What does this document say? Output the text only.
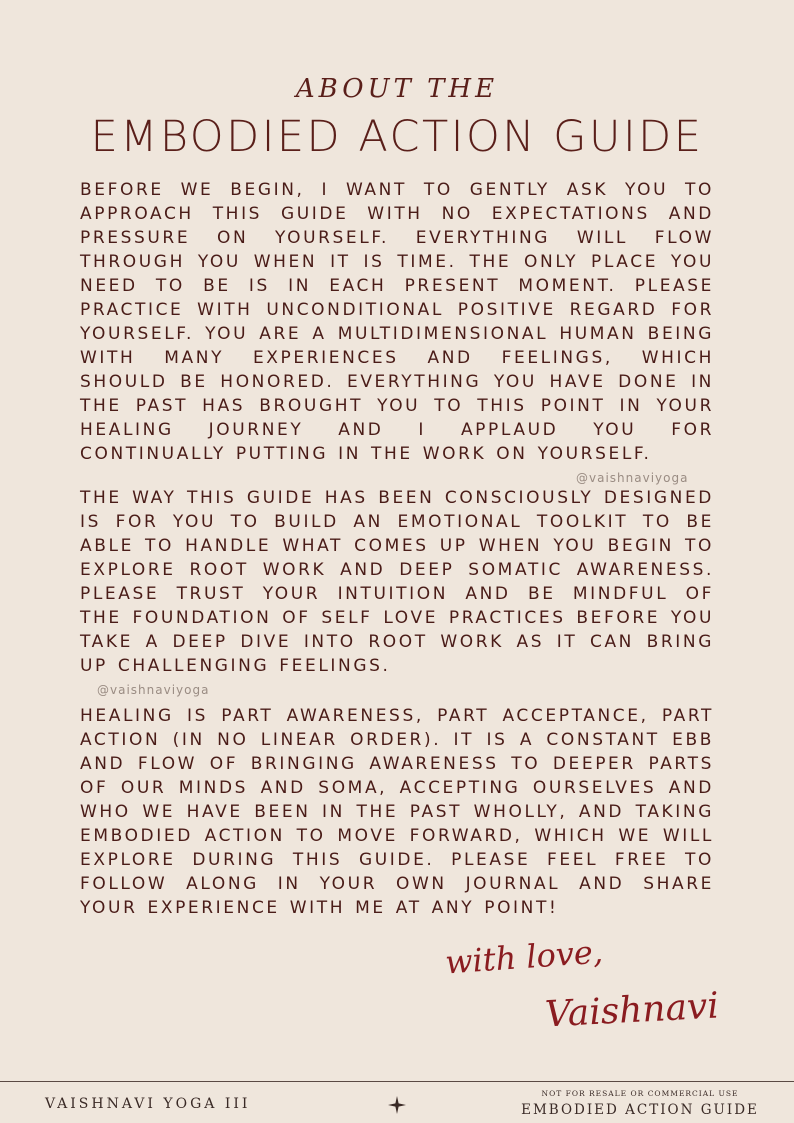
ABOUT THE
EMBODIED ACTION GUIDE
BEFORE WE BEGIN, I WANT TO GENTLY ASK YOU TO APPROACH THIS GUIDE WITH NO EXPECTATIONS AND PRESSURE ON YOURSELF. EVERYTHING WILL FLOW THROUGH YOU WHEN IT IS TIME. THE ONLY PLACE YOU NEED TO BE IS IN EACH PRESENT MOMENT. PLEASE PRACTICE WITH UNCONDITIONAL POSITIVE REGARD FOR YOURSELF. YOU ARE A MULTIDIMENSIONAL HUMAN BEING WITH MANY EXPERIENCES AND FEELINGS, WHICH SHOULD BE HONORED. EVERYTHING YOU HAVE DONE IN THE PAST HAS BROUGHT YOU TO THIS POINT IN YOUR HEALING JOURNEY AND I APPLAUD YOU FOR CONTINUALLY PUTTING IN THE WORK ON YOURSELF.
@vaishnaviyoga
THE WAY THIS GUIDE HAS BEEN CONSCIOUSLY DESIGNED IS FOR YOU TO BUILD AN EMOTIONAL TOOLKIT TO BE ABLE TO HANDLE WHAT COMES UP WHEN YOU BEGIN TO EXPLORE ROOT WORK AND DEEP SOMATIC AWARENESS. PLEASE TRUST YOUR INTUITION AND BE MINDFUL OF THE FOUNDATION OF SELF LOVE PRACTICES BEFORE YOU TAKE A DEEP DIVE INTO ROOT WORK AS IT CAN BRING UP CHALLENGING FEELINGS.
@vaishnaviyoga
HEALING IS PART AWARENESS, PART ACCEPTANCE, PART ACTION (IN NO LINEAR ORDER). IT IS A CONSTANT EBB AND FLOW OF BRINGING AWARENESS TO DEEPER PARTS OF OUR MINDS AND SOMA, ACCEPTING OURSELVES AND WHO WE HAVE BEEN IN THE PAST WHOLLY, AND TAKING EMBODIED ACTION TO MOVE FORWARD, WHICH WE WILL EXPLORE DURING THIS GUIDE. PLEASE FEEL FREE TO FOLLOW ALONG IN YOUR OWN JOURNAL AND SHARE YOUR EXPERIENCE WITH ME AT ANY POINT!
with love,
Vaishnavi
VAISHNAVI YOGA III
NOT FOR RESALE OR COMMERCIAL USE
EMBODIED ACTION GUIDE
